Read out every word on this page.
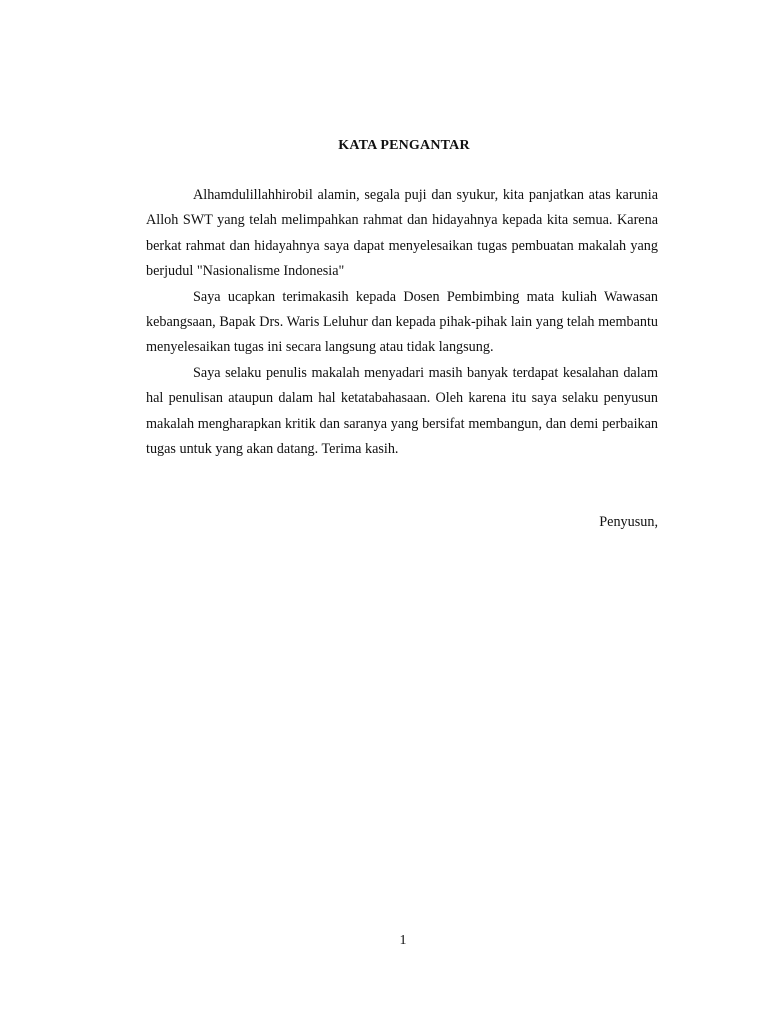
KATA PENGANTAR

Alhamdulillahhirobil alamin, segala puji dan syukur, kita panjatkan atas karunia Alloh SWT yang telah melimpahkan rahmat dan hidayahnya kepada kita semua. Karena berkat rahmat dan hidayahnya saya dapat menyelesaikan tugas pembuatan makalah yang berjudul "Nasionalisme Indonesia"

Saya ucapkan terimakasih kepada Dosen Pembimbing mata kuliah Wawasan kebangsaan, Bapak Drs. Waris Leluhur dan kepada pihak-pihak lain yang telah membantu menyelesaikan tugas ini secara langsung atau tidak langsung.

Saya selaku penulis makalah menyadari masih banyak terdapat kesalahan dalam hal penulisan ataupun dalam hal ketatabahasaan. Oleh karena itu saya selaku penyusun makalah mengharapkan kritik dan saranya yang bersifat membangun, dan demi perbaikan tugas untuk yang akan datang. Terima kasih.

Penyusun,
1
